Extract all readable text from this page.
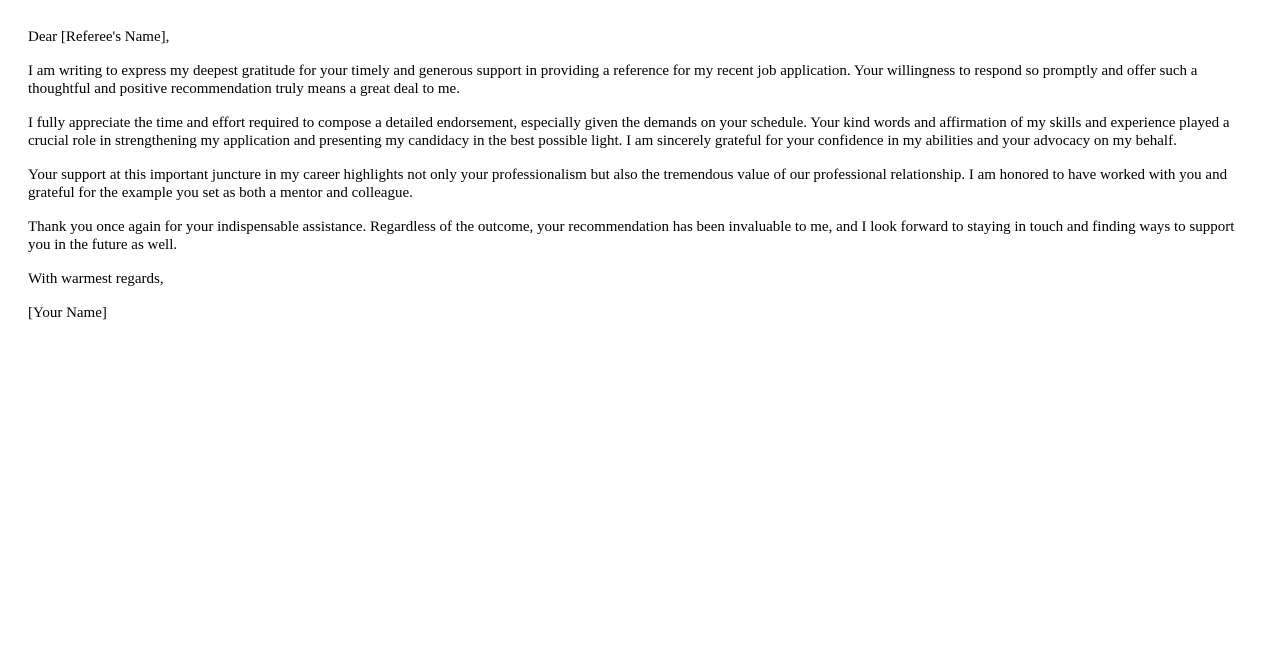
Dear [Referee's Name],

I am writing to express my deepest gratitude for your timely and generous support in providing a reference for my recent job application. Your willingness to respond so promptly and offer such a thoughtful and positive recommendation truly means a great deal to me.

I fully appreciate the time and effort required to compose a detailed endorsement, especially given the demands on your schedule. Your kind words and affirmation of my skills and experience played a crucial role in strengthening my application and presenting my candidacy in the best possible light. I am sincerely grateful for your confidence in my abilities and your advocacy on my behalf.

Your support at this important juncture in my career highlights not only your professionalism but also the tremendous value of our professional relationship. I am honored to have worked with you and grateful for the example you set as both a mentor and colleague.

Thank you once again for your indispensable assistance. Regardless of the outcome, your recommendation has been invaluable to me, and I look forward to staying in touch and finding ways to support you in the future as well.

With warmest regards,

[Your Name]
